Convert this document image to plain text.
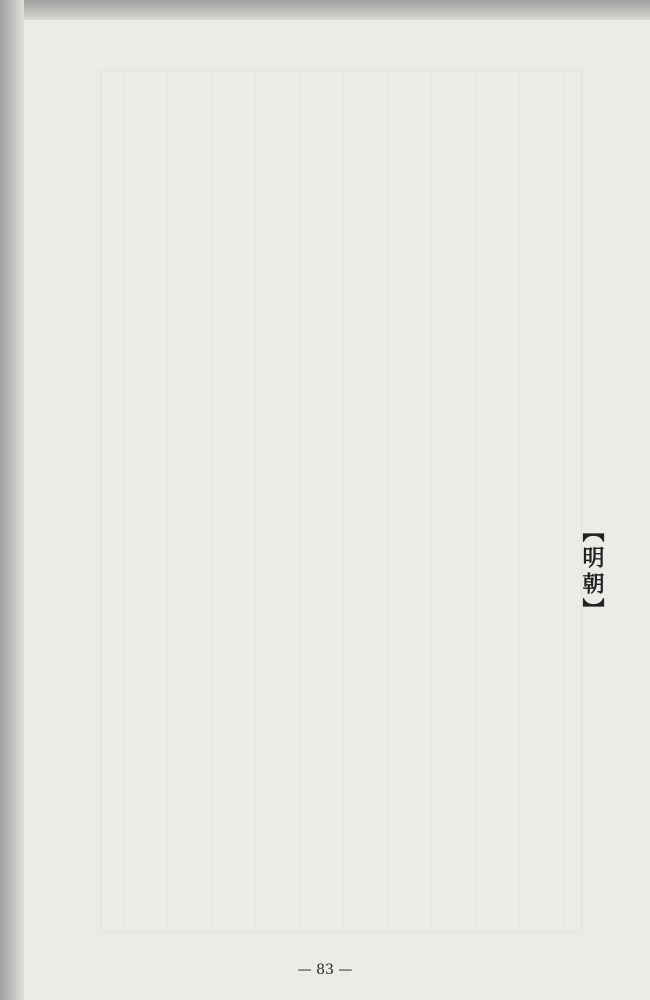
【明朝】
— 83 —
